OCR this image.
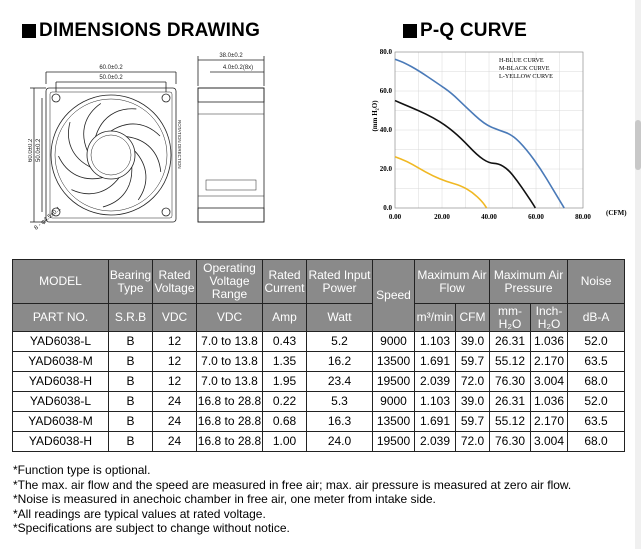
DIMENSIONS DRAWING	P-Q CURVE
60.0±0.2
50.0±0.2
60.0±0.2 50.0±0.2
8 - φ4.5±0.1
38.0±0.2
4.0±0.2(8x)
ROTATION DIRECTION
0.00	20.00	40.00	60.00	80.00
0.0
20.0
40.0
60.0
80.0
(mm H₂O)
(CFM)
H-BLUE CURVE
M-BLACK CURVE
L-YELLOW CURVE
MODEL	Bearing Type	Rated Voltage	Operating Voltage Range	Rated Current	Rated Input Power	Speed	Maximum Air Flow		Maximum Air Pressure		Noise
PART NO.	S.R.B	VDC	VDC	Amp	Watt		m³/min	CFM	mm-H₂O	Inch-H₂O	dB-A
YAD6038-L	B	12	7.0 to 13.8	0.43	5.2	9000	1.103	39.0	26.31	1.036	52.0
YAD6038-M	B	12	7.0 to 13.8	1.35	16.2	13500	1.691	59.7	55.12	2.170	63.5
YAD6038-H	B	12	7.0 to 13.8	1.95	23.4	19500	2.039	72.0	76.30	3.004	68.0
YAD6038-L	B	24	16.8 to 28.8	0.22	5.3	9000	1.103	39.0	26.31	1.036	52.0
YAD6038-M	B	24	16.8 to 28.8	0.68	16.3	13500	1.691	59.7	55.12	2.170	63.5
YAD6038-H	B	24	16.8 to 28.8	1.00	24.0	19500	2.039	72.0	76.30	3.004	68.0
*Function type is optional.
*The max. air flow and the speed are measured in free air; max. air pressure is measured at zero air flow.
*Noise is measured in anechoic chamber in free air, one meter from intake side.
*All readings are typical values at rated voltage.
*Specifications are subject to change without notice.
